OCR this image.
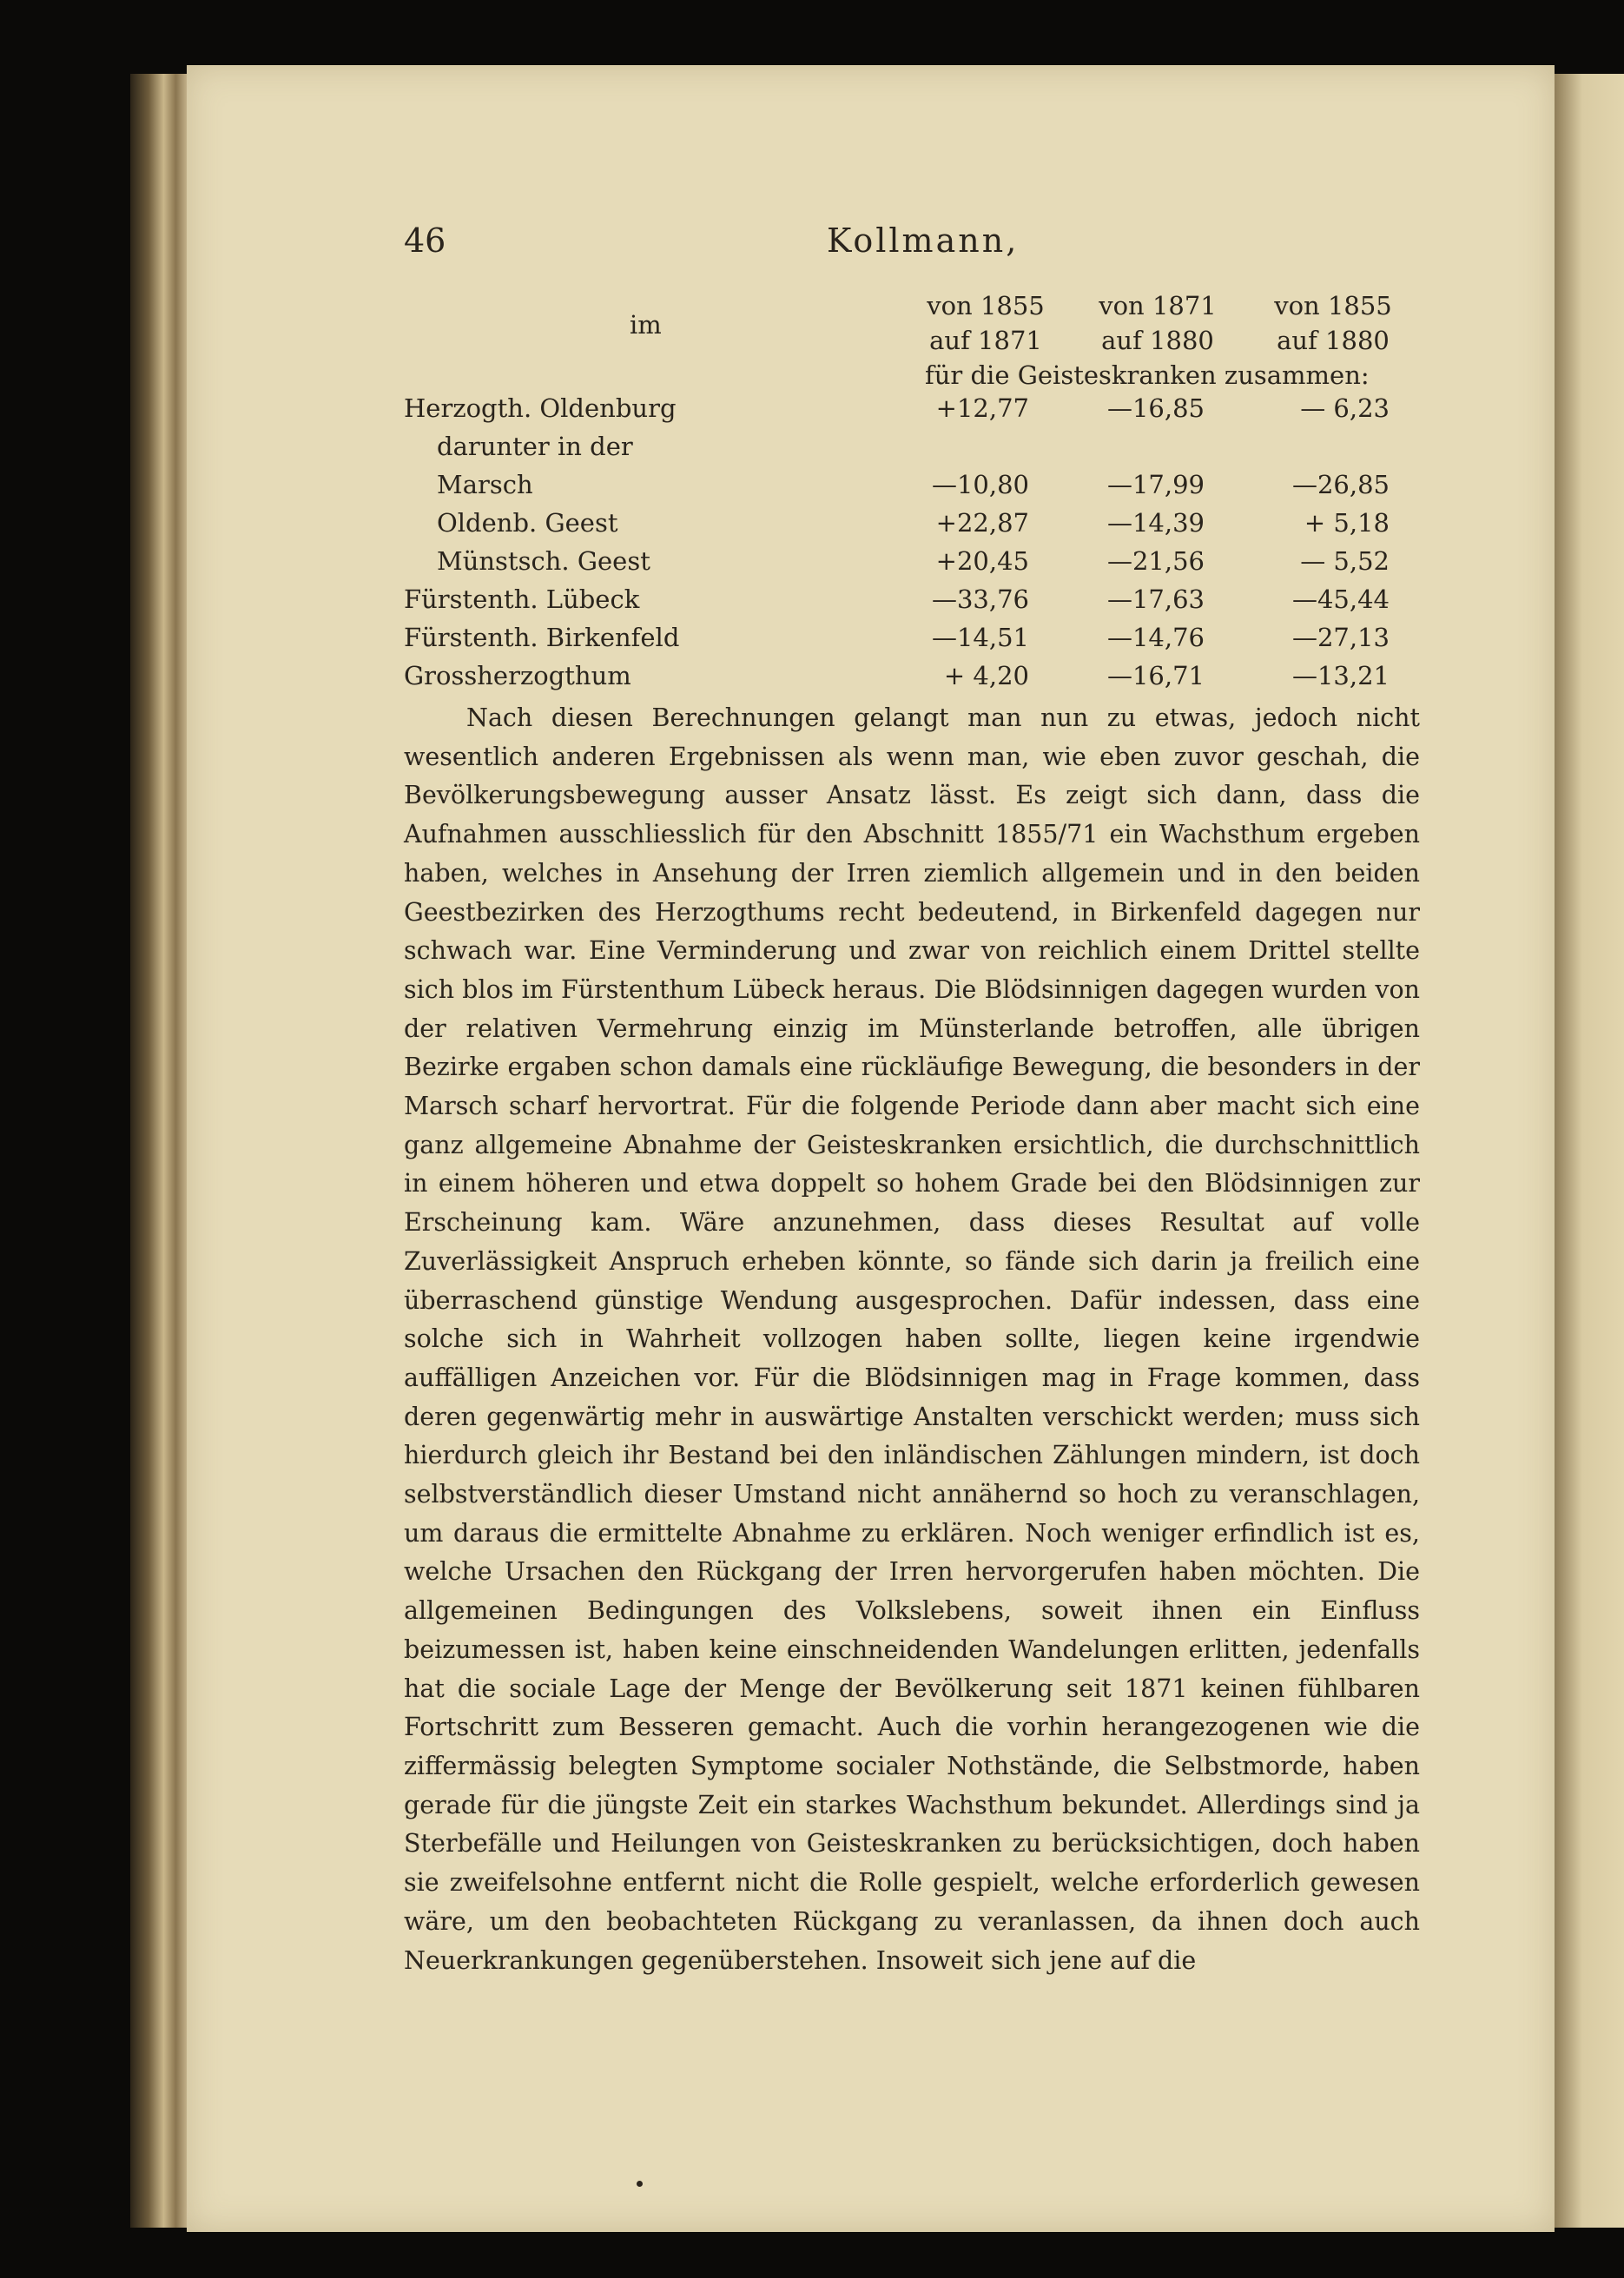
46	Kollmann,
im
von 1855	von 1871	von 1855
auf 1871	auf 1880	auf 1880
für die Geisteskranken zusammen:
Herzogth. Oldenburg	+12,77	—16,85	— 6,23
darunter in der
Marsch	—10,80	—17,99	—26,85
Oldenb. Geest	+22,87	—14,39	+ 5,18
Münstsch. Geest	+20,45	—21,56	— 5,52
Fürstenth. Lübeck	—33,76	—17,63	—45,44
Fürstenth. Birkenfeld	—14,51	—14,76	—27,13
Grossherzogthum	+ 4,20	—16,71	—13,21

Nach diesen Berechnungen gelangt man nun zu etwas, jedoch nicht wesentlich anderen Ergebnissen als wenn man, wie eben zuvor geschah, die Bevölkerungsbewegung ausser Ansatz lässt. Es zeigt sich dann, dass die Aufnahmen ausschliesslich für den Abschnitt 1855/71 ein Wachsthum ergeben haben, welches in Ansehung der Irren ziemlich allgemein und in den beiden Geestbezirken des Herzogthums recht bedeutend, in Birkenfeld dagegen nur schwach war. Eine Verminderung und zwar von reichlich einem Drittel stellte sich blos im Fürstenthum Lübeck heraus. Die Blödsinnigen dagegen wurden von der relativen Vermehrung einzig im Münsterlande betroffen, alle übrigen Bezirke ergaben schon damals eine rückläufige Bewegung, die besonders in der Marsch scharf hervortrat. Für die folgende Periode dann aber macht sich eine ganz allgemeine Abnahme der Geisteskranken ersichtlich, die durchschnittlich in einem höheren und etwa doppelt so hohem Grade bei den Blödsinnigen zur Erscheinung kam. Wäre anzunehmen, dass dieses Resultat auf volle Zuverlässigkeit Anspruch erheben könnte, so fände sich darin ja freilich eine überraschend günstige Wendung ausgesprochen. Dafür indessen, dass eine solche sich in Wahrheit vollzogen haben sollte, liegen keine irgendwie auffälligen Anzeichen vor. Für die Blödsinnigen mag in Frage kommen, dass deren gegenwärtig mehr in auswärtige Anstalten verschickt werden; muss sich hierdurch gleich ihr Bestand bei den inländischen Zählungen mindern, ist doch selbstverständlich dieser Umstand nicht annähernd so hoch zu veranschlagen, um daraus die ermittelte Abnahme zu erklären. Noch weniger erfindlich ist es, welche Ursachen den Rückgang der Irren hervorgerufen haben möchten. Die allgemeinen Bedingungen des Volkslebens, soweit ihnen ein Einfluss beizumessen ist, haben keine einschneidenden Wandelungen erlitten, jedenfalls hat die sociale Lage der Menge der Bevölkerung seit 1871 keinen fühlbaren Fortschritt zum Besseren gemacht. Auch die vorhin herangezogenen wie die ziffermässig belegten Symptome socialer Nothstände, die Selbstmorde, haben gerade für die jüngste Zeit ein starkes Wachsthum bekundet. Allerdings sind ja Sterbefälle und Heilungen von Geisteskranken zu berücksichtigen, doch haben sie zweifelsohne entfernt nicht die Rolle gespielt, welche erforderlich gewesen wäre, um den beobachteten Rückgang zu veranlassen, da ihnen doch auch Neuerkrankungen gegenüberstehen. Insoweit sich jene auf die
